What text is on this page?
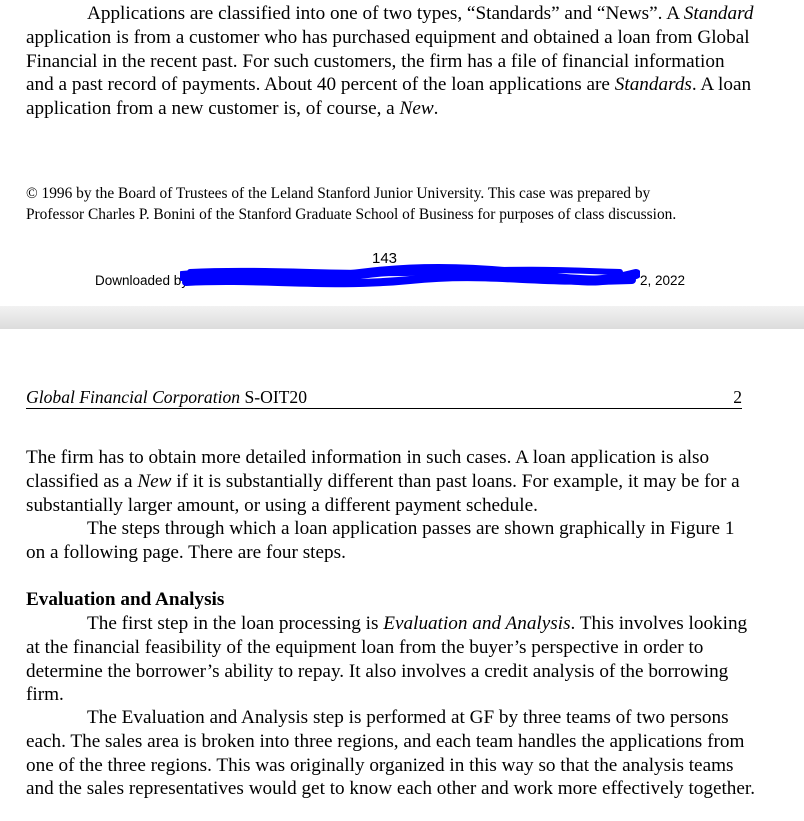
Applications are classified into one of two types, “Standards” and “News”. A Standard application is from a customer who has purchased equipment and obtained a loan from Global Financial in the recent past. For such customers, the firm has a file of financial information and a past record of payments. About 40 percent of the loan applications are Standards. A loan application from a new customer is, of course, a New.

© 1996 by the Board of Trustees of the Leland Stanford Junior University. This case was prepared by
Professor Charles P. Bonini of the Stanford Graduate School of Business for purposes of class discussion.

143
Downloaded by	2, 2022
Global Financial Corporation S-OIT20	2

The firm has to obtain more detailed information in such cases. A loan application is also classified as a New if it is substantially different than past loans. For example, it may be for a substantially larger amount, or using a different payment schedule.

The steps through which a loan application passes are shown graphically in Figure 1 on a following page. There are four steps.

Evaluation and Analysis

The first step in the loan processing is Evaluation and Analysis. This involves looking at the financial feasibility of the equipment loan from the buyer’s perspective in order to determine the borrower’s ability to repay. It also involves a credit analysis of the borrowing firm.

The Evaluation and Analysis step is performed at GF by three teams of two persons each. The sales area is broken into three regions, and each team handles the applications from one of the three regions. This was originally organized in this way so that the analysis teams and the sales representatives would get to know each other and work more effectively together.
